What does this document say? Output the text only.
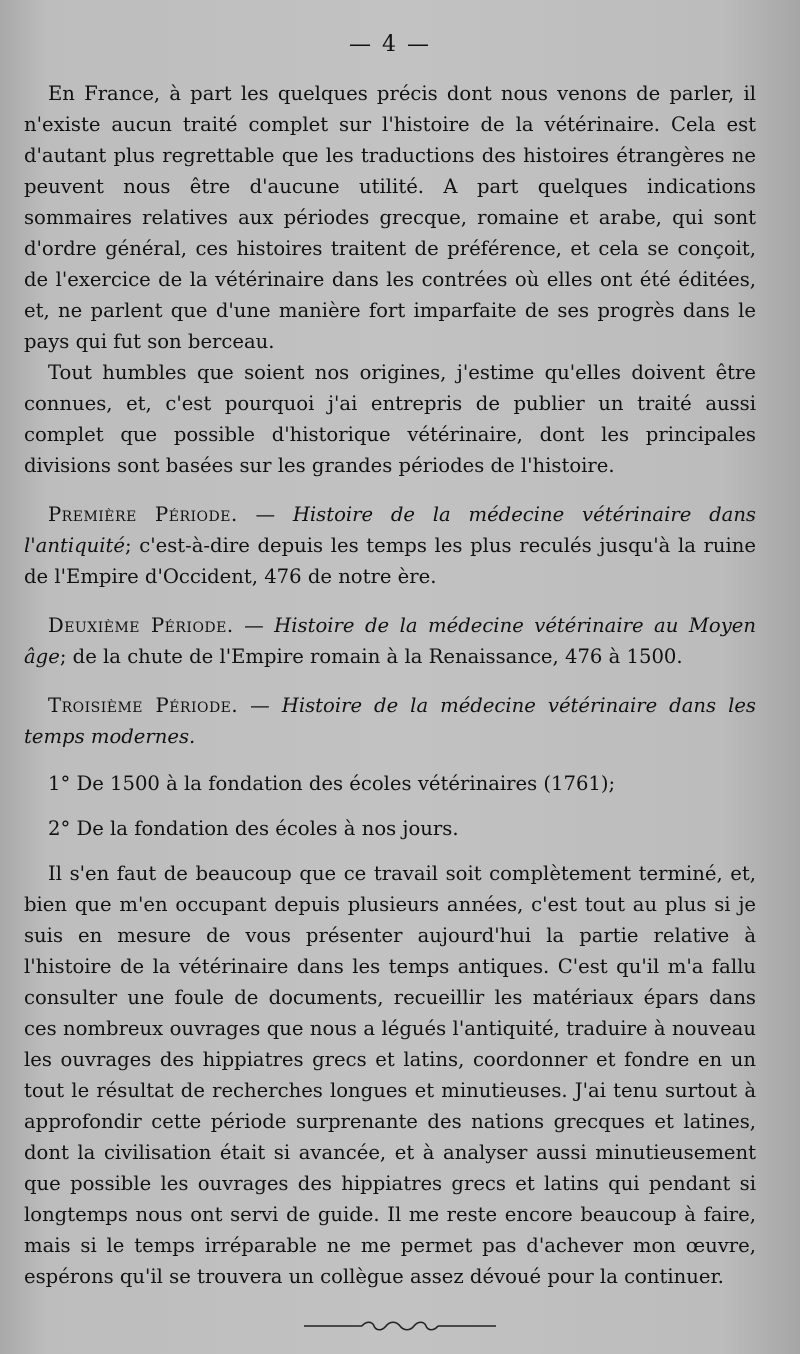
— 4 —

En France, à part les quelques précis dont nous venons de parler, il n'existe aucun traité complet sur l'histoire de la vétérinaire. Cela est d'autant plus regrettable que les traductions des histoires étrangères ne peuvent nous être d'aucune utilité. A part quelques indications sommaires relatives aux périodes grecque, romaine et arabe, qui sont d'ordre général, ces histoires traitent de préférence, et cela se conçoit, de l'exercice de la vétérinaire dans les contrées où elles ont été éditées, et, ne parlent que d'une manière fort imparfaite de ses progrès dans le pays qui fut son berceau.

Tout humbles que soient nos origines, j'estime qu'elles doivent être connues, et, c'est pourquoi j'ai entrepris de publier un traité aussi complet que possible d'historique vétérinaire, dont les principales divisions sont basées sur les grandes périodes de l'histoire.

Première Période. — Histoire de la médecine vétérinaire dans l'antiquité; c'est-à-dire depuis les temps les plus reculés jusqu'à la ruine de l'Empire d'Occident, 476 de notre ère.

Deuxième Période. — Histoire de la médecine vétérinaire au Moyen âge; de la chute de l'Empire romain à la Renaissance, 476 à 1500.

Troisième Période. — Histoire de la médecine vétérinaire dans les temps modernes.

1° De 1500 à la fondation des écoles vétérinaires (1761);

2° De la fondation des écoles à nos jours.

Il s'en faut de beaucoup que ce travail soit complètement terminé, et, bien que m'en occupant depuis plusieurs années, c'est tout au plus si je suis en mesure de vous présenter aujourd'hui la partie relative à l'histoire de la vétérinaire dans les temps antiques. C'est qu'il m'a fallu consulter une foule de documents, recueillir les matériaux épars dans ces nombreux ouvrages que nous a légués l'antiquité, traduire à nouveau les ouvrages des hippiatres grecs et latins, coordonner et fondre en un tout le résultat de recherches longues et minutieuses. J'ai tenu surtout à approfondir cette période surprenante des nations grecques et latines, dont la civilisation était si avancée, et à analyser aussi minutieusement que possible les ouvrages des hippiatres grecs et latins qui pendant si longtemps nous ont servi de guide. Il me reste encore beaucoup à faire, mais si le temps irréparable ne me permet pas d'achever mon œuvre, espérons qu'il se trouvera un collègue assez dévoué pour la continuer.
